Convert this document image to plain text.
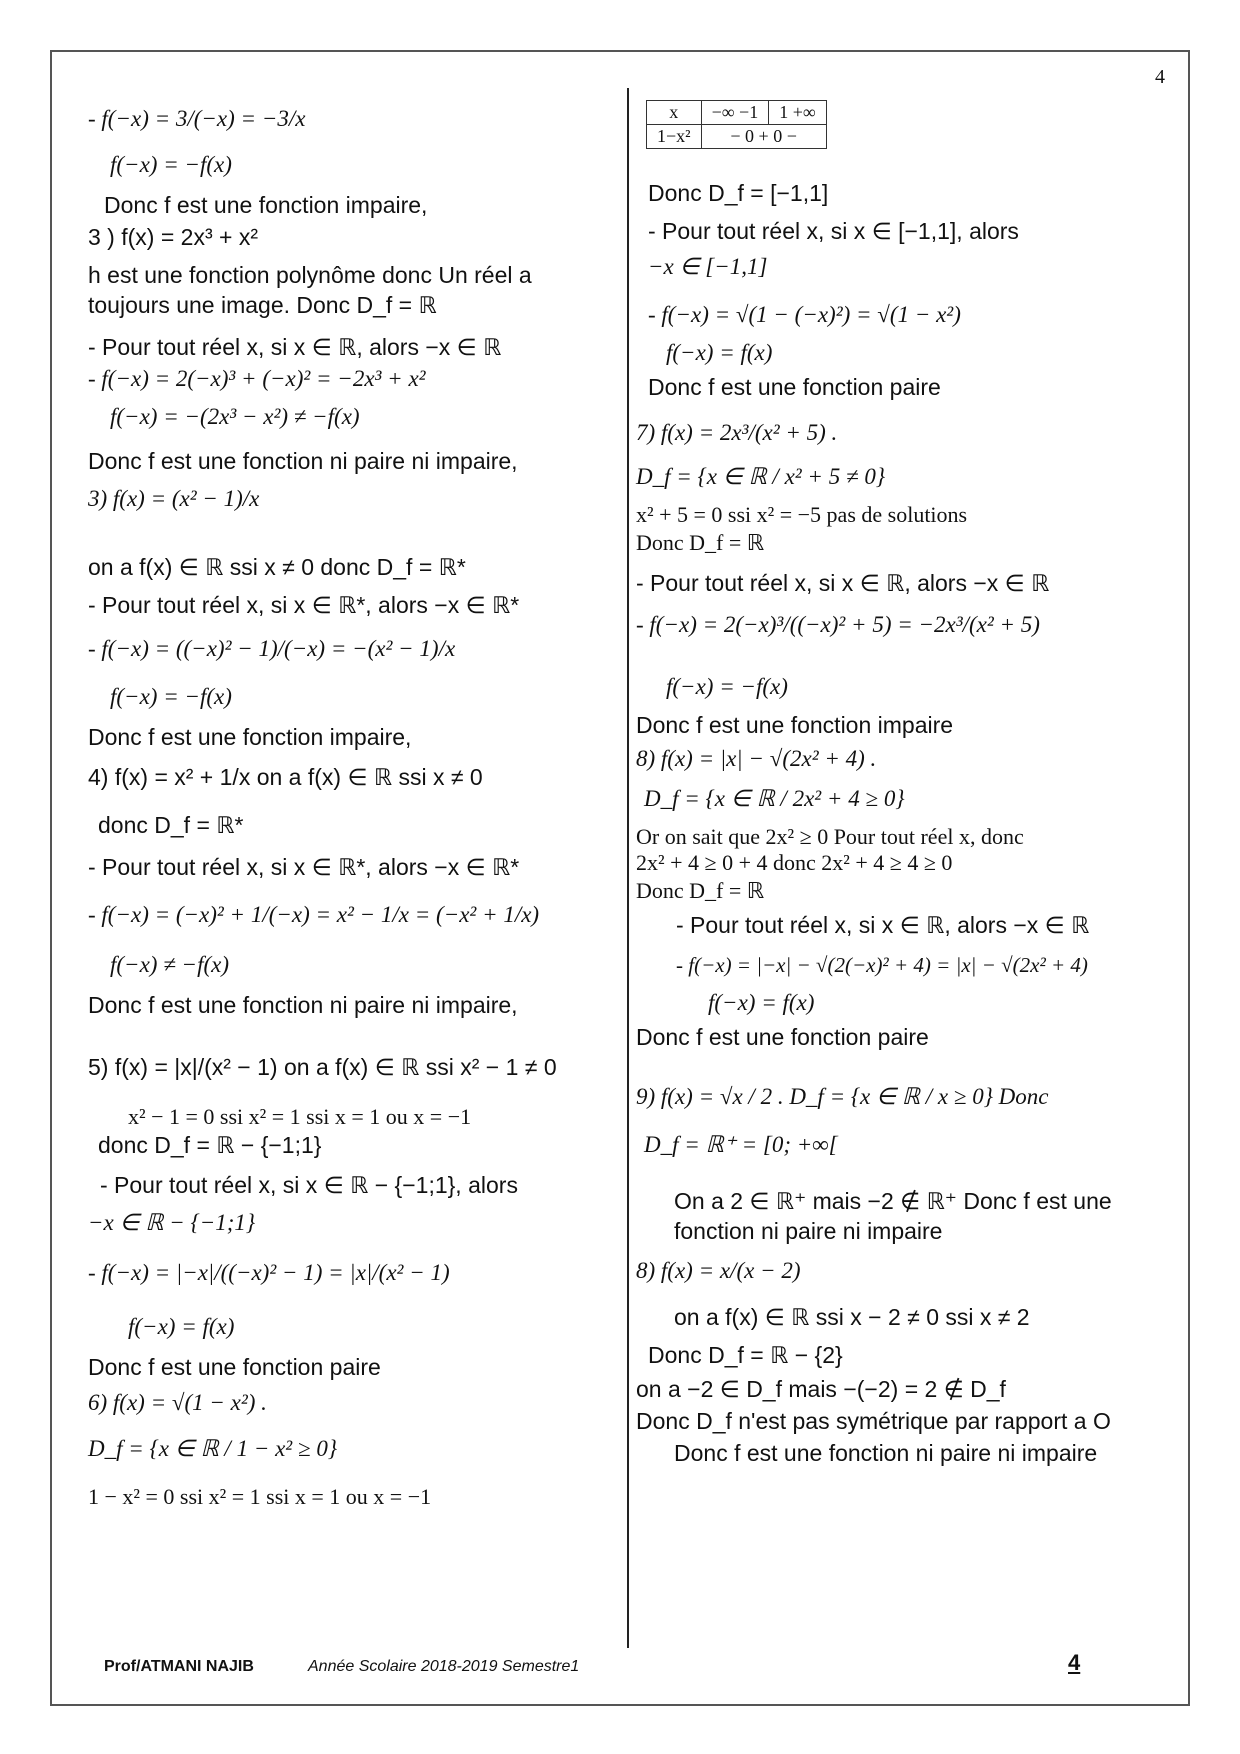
4
- f(−x) = 3/(−x) = −3/x
f(−x) = −f(x)
Donc f est une fonction impaire,
3 ) f(x) = 2x³ + x²
h est une fonction polynôme donc Un réel a
toujours une image. Donc D_f = ℝ
- Pour tout réel x, si x ∈ ℝ, alors −x ∈ ℝ
- f(−x) = 2(−x)³ + (−x)² = −2x³ + x²
f(−x) = −(2x³ − x²) ≠ −f(x)
Donc f est une fonction ni paire ni impaire,
3) f(x) = (x² − 1)/x
on a f(x) ∈ ℝ ssi x ≠ 0 donc D_f = ℝ*
- Pour tout réel x, si x ∈ ℝ*, alors −x ∈ ℝ*
- f(−x) = ((−x)² − 1)/(−x) = −(x² − 1)/x
f(−x) = −f(x)
Donc f est une fonction impaire,
4) f(x) = x² + 1/x on a f(x) ∈ ℝ ssi x ≠ 0
donc D_f = ℝ*
- Pour tout réel x, si x ∈ ℝ*, alors −x ∈ ℝ*
- f(−x) = (−x)² + 1/(−x) = x² − 1/x = (−x² + 1/x)
f(−x) ≠ −f(x)
Donc f est une fonction ni paire ni impaire,
5) f(x) = |x|/(x² − 1) on a f(x) ∈ ℝ ssi x² − 1 ≠ 0
x² − 1 = 0 ssi x² = 1 ssi x = 1 ou x = −1
donc D_f = ℝ − {−1;1}
- Pour tout réel x, si x ∈ ℝ − {−1;1}, alors
−x ∈ ℝ − {−1;1}
- f(−x) = |−x|/((−x)² − 1) = |x|/(x² − 1)
f(−x) = f(x)
Donc f est une fonction paire
6) f(x) = √(1 − x²) .
D_f = {x ∈ ℝ / 1 − x² ≥ 0}
1 − x² = 0 ssi x² = 1 ssi x = 1 ou x = −1
x	−∞ −1	1 +∞
1−x²	− 0 + 0 −	
Donc D_f = [−1,1]
- Pour tout réel x, si x ∈ [−1,1], alors
−x ∈ [−1,1]
- f(−x) = √(1 − (−x)²) = √(1 − x²)
f(−x) = f(x)
Donc f est une fonction paire
7) f(x) = 2x³/(x² + 5) .
D_f = {x ∈ ℝ / x² + 5 ≠ 0}
x² + 5 = 0 ssi x² = −5 pas de solutions
Donc D_f = ℝ
- Pour tout réel x, si x ∈ ℝ, alors −x ∈ ℝ
- f(−x) = 2(−x)³/((−x)² + 5) = −2x³/(x² + 5)
f(−x) = −f(x)
Donc f est une fonction impaire
8) f(x) = |x| − √(2x² + 4) .
D_f = {x ∈ ℝ / 2x² + 4 ≥ 0}
Or on sait que 2x² ≥ 0 Pour tout réel x, donc
2x² + 4 ≥ 0 + 4 donc 2x² + 4 ≥ 4 ≥ 0
Donc D_f = ℝ
- Pour tout réel x, si x ∈ ℝ, alors −x ∈ ℝ
- f(−x) = |−x| − √(2(−x)² + 4) = |x| − √(2x² + 4)
f(−x) = f(x)
Donc f est une fonction paire
9) f(x) = √x / 2 . D_f = {x ∈ ℝ / x ≥ 0} Donc
D_f = ℝ⁺ = [0; +∞[
On a 2 ∈ ℝ⁺ mais −2 ∉ ℝ⁺ Donc f est une
fonction ni paire ni impaire
8) f(x) = x/(x − 2)
on a f(x) ∈ ℝ ssi x − 2 ≠ 0 ssi x ≠ 2
Donc D_f = ℝ − {2}
on a −2 ∈ D_f mais −(−2) = 2 ∉ D_f
Donc D_f n'est pas symétrique par rapport a O
Donc f est une fonction ni paire ni impaire
Prof/ATMANI NAJIB	Année Scolaire 2018-2019 Semestre1	4
